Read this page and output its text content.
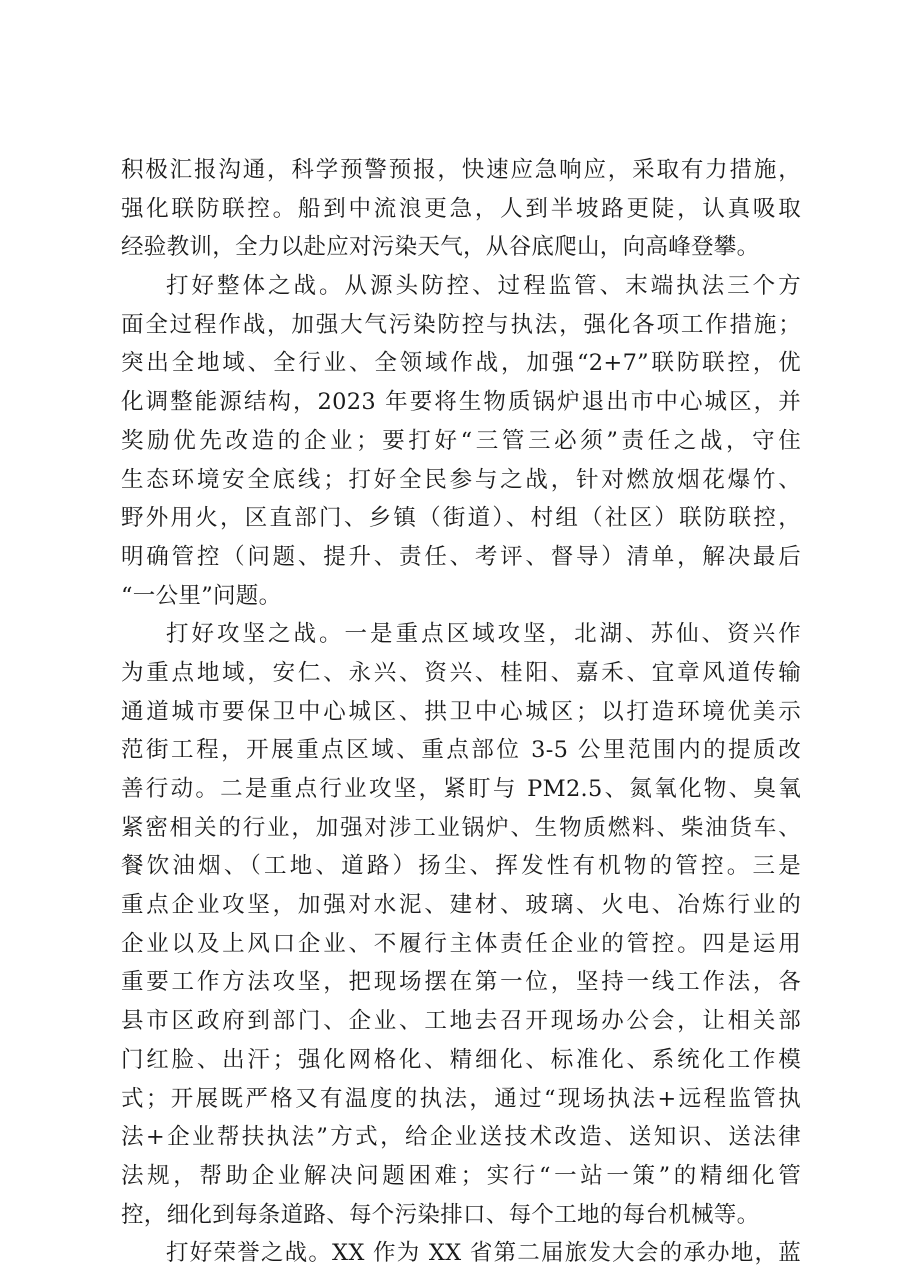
积极汇报沟通，科学预警预报，快速应急响应，采取有力措施，
强化联防联控。船到中流浪更急，人到半坡路更陡，认真吸取
经验教训，全力以赴应对污染天气，从谷底爬山，向高峰登攀。
打好整体之战。从源头防控、过程监管、末端执法三个方
面全过程作战，加强大气污染防控与执法，强化各项工作措施；
突出全地域、全行业、全领域作战，加强“2+7”联防联控，优
化调整能源结构，2023 年要将生物质锅炉退出市中心城区，并
奖励优先改造的企业；要打好“三管三必须”责任之战，守住
生态环境安全底线；打好全民参与之战，针对燃放烟花爆竹、
野外用火，区直部门、乡镇（街道）、村组（社区）联防联控，
明确管控（问题、提升、责任、考评、督导）清单，解决最后
“一公里”问题。
打好攻坚之战。一是重点区域攻坚，北湖、苏仙、资兴作
为重点地域，安仁、永兴、资兴、桂阳、嘉禾、宜章风道传输
通道城市要保卫中心城区、拱卫中心城区；以打造环境优美示
范街工程，开展重点区域、重点部位 3-5 公里范围内的提质改
善行动。二是重点行业攻坚，紧盯与 PM2.5、氮氧化物、臭氧
紧密相关的行业，加强对涉工业锅炉、生物质燃料、柴油货车、
餐饮油烟、（工地、道路）扬尘、挥发性有机物的管控。三是
重点企业攻坚，加强对水泥、建材、玻璃、火电、冶炼行业的
企业以及上风口企业、不履行主体责任企业的管控。四是运用
重要工作方法攻坚，把现场摆在第一位，坚持一线工作法，各
县市区政府到部门、企业、工地去召开现场办公会，让相关部
门红脸、出汗；强化网格化、精细化、标准化、系统化工作模
式；开展既严格又有温度的执法，通过“现场执法+远程监管执
法+企业帮扶执法”方式，给企业送技术改造、送知识、送法律
法规，帮助企业解决问题困难；实行“一站一策”的精细化管
控，细化到每条道路、每个污染排口、每个工地的每台机械等。
打好荣誉之战。XX 作为 XX 省第二届旅发大会的承办地，蓝
